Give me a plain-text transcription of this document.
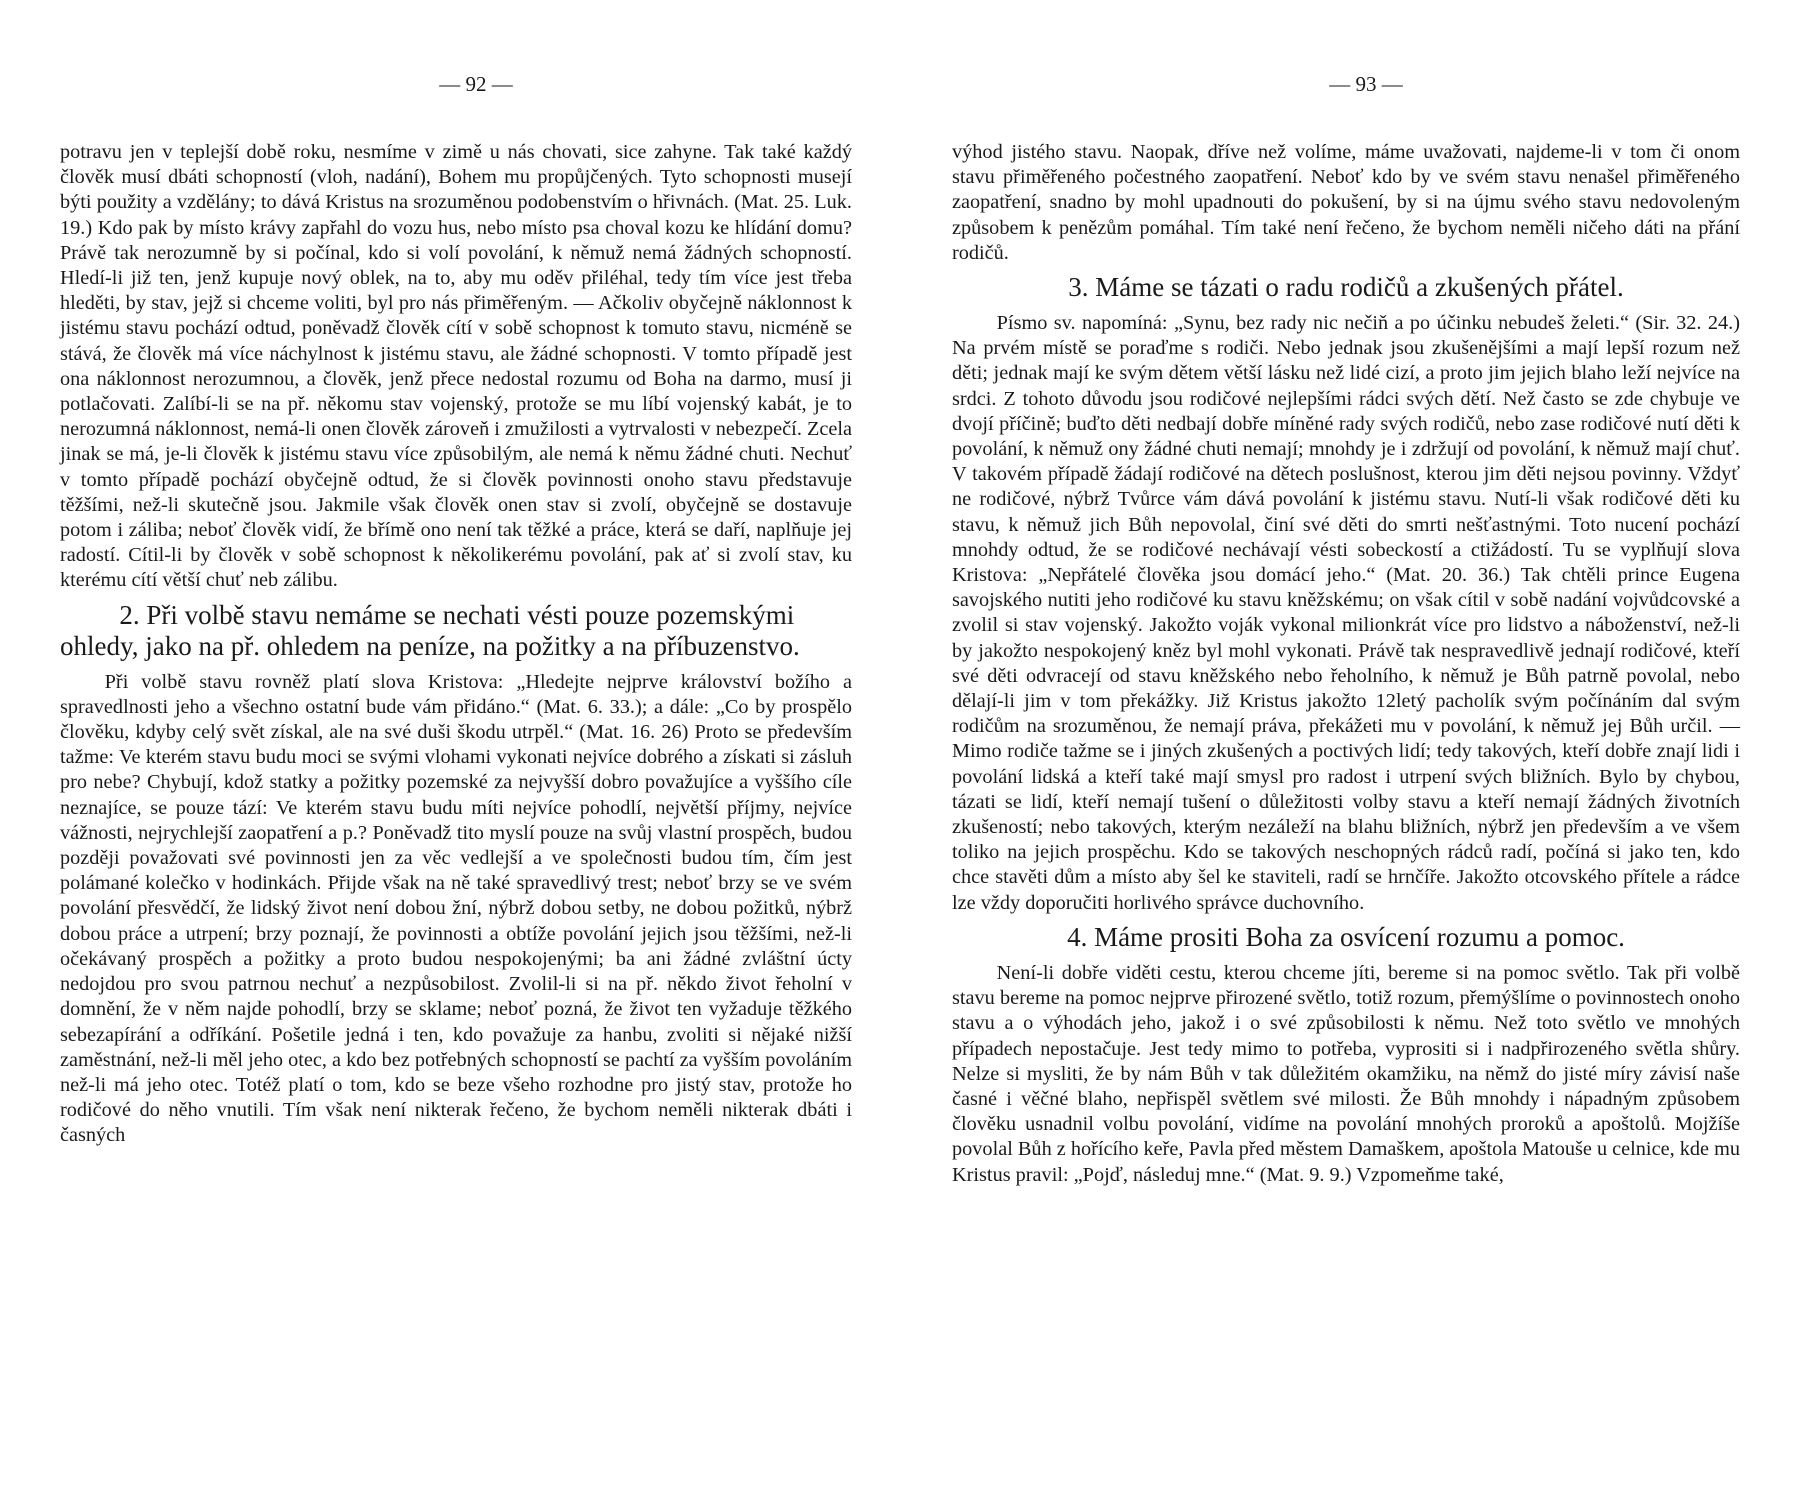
— 92 —

potravu jen v teplejší době roku, nesmíme v zimě u nás chovati, sice zahyne. Tak také každý člověk musí dbáti schopností (vloh, nadání), Bohem mu propůjčených. Tyto schopnosti musejí býti použity a vzdělány; to dává Kristus na srozuměnou podobenstvím o hřivnách. (Mat. 25. Luk. 19.) Kdo pak by místo krávy zapřahl do vozu hus, nebo místo psa choval kozu ke hlídání domu? Právě tak nerozumně by si počínal, kdo si volí povolání, k němuž nemá žádných schopností. Hledí-li již ten, jenž kupuje nový oblek, na to, aby mu oděv přiléhal, tedy tím více jest třeba hleděti, by stav, jejž si chceme voliti, byl pro nás přiměřeným. — Ačkoliv obyčejně náklonnost k jistému stavu pochází odtud, poněvadž člověk cítí v sobě schopnost k tomuto stavu, nicméně se stává, že člověk má více náchylnost k jistému stavu, ale žádné schopnosti. V tomto případě jest ona náklonnost nerozumnou, a člověk, jenž přece nedostal rozumu od Boha na darmo, musí ji potlačovati. Zalíbí-li se na př. někomu stav vojenský, protože se mu líbí vojenský kabát, je to nerozumná náklonnost, nemá-li onen člověk zároveň i zmužilosti a vytrvalosti v nebezpečí. Zcela jinak se má, je-li člověk k jistému stavu více způsobilým, ale nemá k němu žádné chuti. Nechuť v tomto případě pochází obyčejně odtud, že si člověk povinnosti onoho stavu představuje těžšími, než-li skutečně jsou. Jakmile však člověk onen stav si zvolí, obyčejně se dostavuje potom i záliba; neboť člověk vidí, že břímě ono není tak těžké a práce, která se daří, naplňuje jej radostí. Cítil-li by člověk v sobě schopnost k několikerému povolání, pak ať si zvolí stav, ku kterému cítí větší chuť neb zálibu.

2. Při volbě stavu nemáme se nechati vésti pouze pozemskými ohledy, jako na př. ohledem na peníze, na požitky a na příbuzenstvo.

Při volbě stavu rovněž platí slova Kristova: „Hledejte nejprve království božího a spravedlnosti jeho a všechno ostatní bude vám přidáno.“ (Mat. 6. 33.); a dále: „Co by prospělo člověku, kdyby celý svět získal, ale na své duši škodu utrpěl.“ (Mat. 16. 26) Proto se především tažme: Ve kterém stavu budu moci se svými vlohami vykonati nejvíce dobrého a získati si zásluh pro nebe? Chybují, kdož statky a požitky pozemské za nejvyšší dobro považujíce a vyššího cíle neznajíce, se pouze tází: Ve kterém stavu budu míti nejvíce pohodlí, největší příjmy, nejvíce vážnosti, nejrychlejší zaopatření a p.? Poněvadž tito myslí pouze na svůj vlastní prospěch, budou později považovati své povinnosti jen za věc vedlejší a ve společnosti budou tím, čím jest polámané kolečko v hodinkách. Přijde však na ně také spravedlivý trest; neboť brzy se ve svém povolání přesvědčí, že lidský život není dobou žní, nýbrž dobou setby, ne dobou požitků, nýbrž dobou práce a utrpení; brzy poznají, že povinnosti a obtíže povolání jejich jsou těžšími, než-li očekávaný prospěch a požitky a proto budou nespokojenými; ba ani žádné zvláštní úcty nedojdou pro svou patrnou nechuť a nezpůsobilost. Zvolil-li si na př. někdo život řeholní v domnění, že v něm najde pohodlí, brzy se sklame; neboť pozná, že život ten vyžaduje těžkého sebezapírání a odříkání. Pošetile jedná i ten, kdo považuje za hanbu, zvoliti si nějaké nižší zaměstnání, než-li měl jeho otec, a kdo bez potřebných schopností se pachtí za vyšším povoláním než-li má jeho otec. Totéž platí o tom, kdo se beze všeho rozhodne pro jistý stav, protože ho rodičové do něho vnutili. Tím však není nikterak řečeno, že bychom neměli nikterak dbáti i časných

— 93 —

výhod jistého stavu. Naopak, dříve než volíme, máme uvažovati, najdeme-li v tom či onom stavu přiměřeného počestného zaopatření. Neboť kdo by ve svém stavu nenašel přiměřeného zaopatření, snadno by mohl upadnouti do pokušení, by si na újmu svého stavu nedovoleným způsobem k penězům pomáhal. Tím také není řečeno, že bychom neměli ničeho dáti na přání rodičů.

3. Máme se tázati o radu rodičů a zkušených přátel.

Písmo sv. napomíná: „Synu, bez rady nic nečiň a po účinku nebudeš želeti.“ (Sir. 32. 24.) Na prvém místě se poraďme s rodiči. Nebo jednak jsou zkušenějšími a mají lepší rozum než děti; jednak mají ke svým dětem větší lásku než lidé cizí, a proto jim jejich blaho leží nejvíce na srdci. Z tohoto důvodu jsou rodičové nejlepšími rádci svých dětí. Než často se zde chybuje ve dvojí příčině; buďto děti nedbají dobře míněné rady svých rodičů, nebo zase rodičové nutí děti k povolání, k němuž ony žádné chuti nemají; mnohdy je i zdržují od povolání, k němuž mají chuť. V takovém případě žádají rodičové na dětech poslušnost, kterou jim děti nejsou povinny. Vždyť ne rodičové, nýbrž Tvůrce vám dává povolání k jistému stavu. Nutí-li však rodičové děti ku stavu, k němuž jich Bůh nepovolal, činí své děti do smrti nešťastnými. Toto nucení pochází mnohdy odtud, že se rodičové nechávají vésti sobeckostí a ctižádostí. Tu se vyplňují slova Kristova: „Nepřátelé člověka jsou domácí jeho.“ (Mat. 20. 36.) Tak chtěli prince Eugena savojského nutiti jeho rodičové ku stavu kněžskému; on však cítil v sobě nadání vojvůdcovské a zvolil si stav vojenský. Jakožto voják vykonal milionkrát více pro lidstvo a náboženství, než-li by jakožto nespokojený kněz byl mohl vykonati. Právě tak nespravedlivě jednají rodičové, kteří své děti odvracejí od stavu kněžského nebo řeholního, k němuž je Bůh patrně povolal, nebo dělají-li jim v tom překážky. Již Kristus jakožto 12letý pacholík svým počínáním dal svým rodičům na srozuměnou, že nemají práva, překážeti mu v povolání, k němuž jej Bůh určil. — Mimo rodiče tažme se i jiných zkušených a poctivých lidí; tedy takových, kteří dobře znají lidi i povolání lidská a kteří také mají smysl pro radost i utrpení svých bližních. Bylo by chybou, tázati se lidí, kteří nemají tušení o důležitosti volby stavu a kteří nemají žádných životních zkušeností; nebo takových, kterým nezáleží na blahu bližních, nýbrž jen především a ve všem toliko na jejich prospěchu. Kdo se takových neschopných rádců radí, počíná si jako ten, kdo chce stavěti dům a místo aby šel ke staviteli, radí se hrnčíře. Jakožto otcovského přítele a rádce lze vždy doporučiti horlivého správce duchovního.

4. Máme prositi Boha za osvícení rozumu a pomoc.

Není-li dobře viděti cestu, kterou chceme jíti, bereme si na pomoc světlo. Tak při volbě stavu bereme na pomoc nejprve přirozené světlo, totiž rozum, přemýšlíme o povinnostech onoho stavu a o výhodách jeho, jakož i o své způsobilosti k němu. Než toto světlo ve mnohých případech nepostačuje. Jest tedy mimo to potřeba, vyprositi si i nadpřirozeného světla shůry. Nelze si mysliti, že by nám Bůh v tak důležitém okamžiku, na němž do jisté míry závisí naše časné i věčné blaho, nepřispěl světlem své milosti. Že Bůh mnohdy i nápadným způsobem člověku usnadnil volbu povolání, vidíme na povolání mnohých proroků a apoštolů. Mojžíše povolal Bůh z hořícího keře, Pavla před městem Damaškem, apoštola Matouše u celnice, kde mu Kristus pravil: „Pojď, následuj mne.“ (Mat. 9. 9.) Vzpomeňme také,
